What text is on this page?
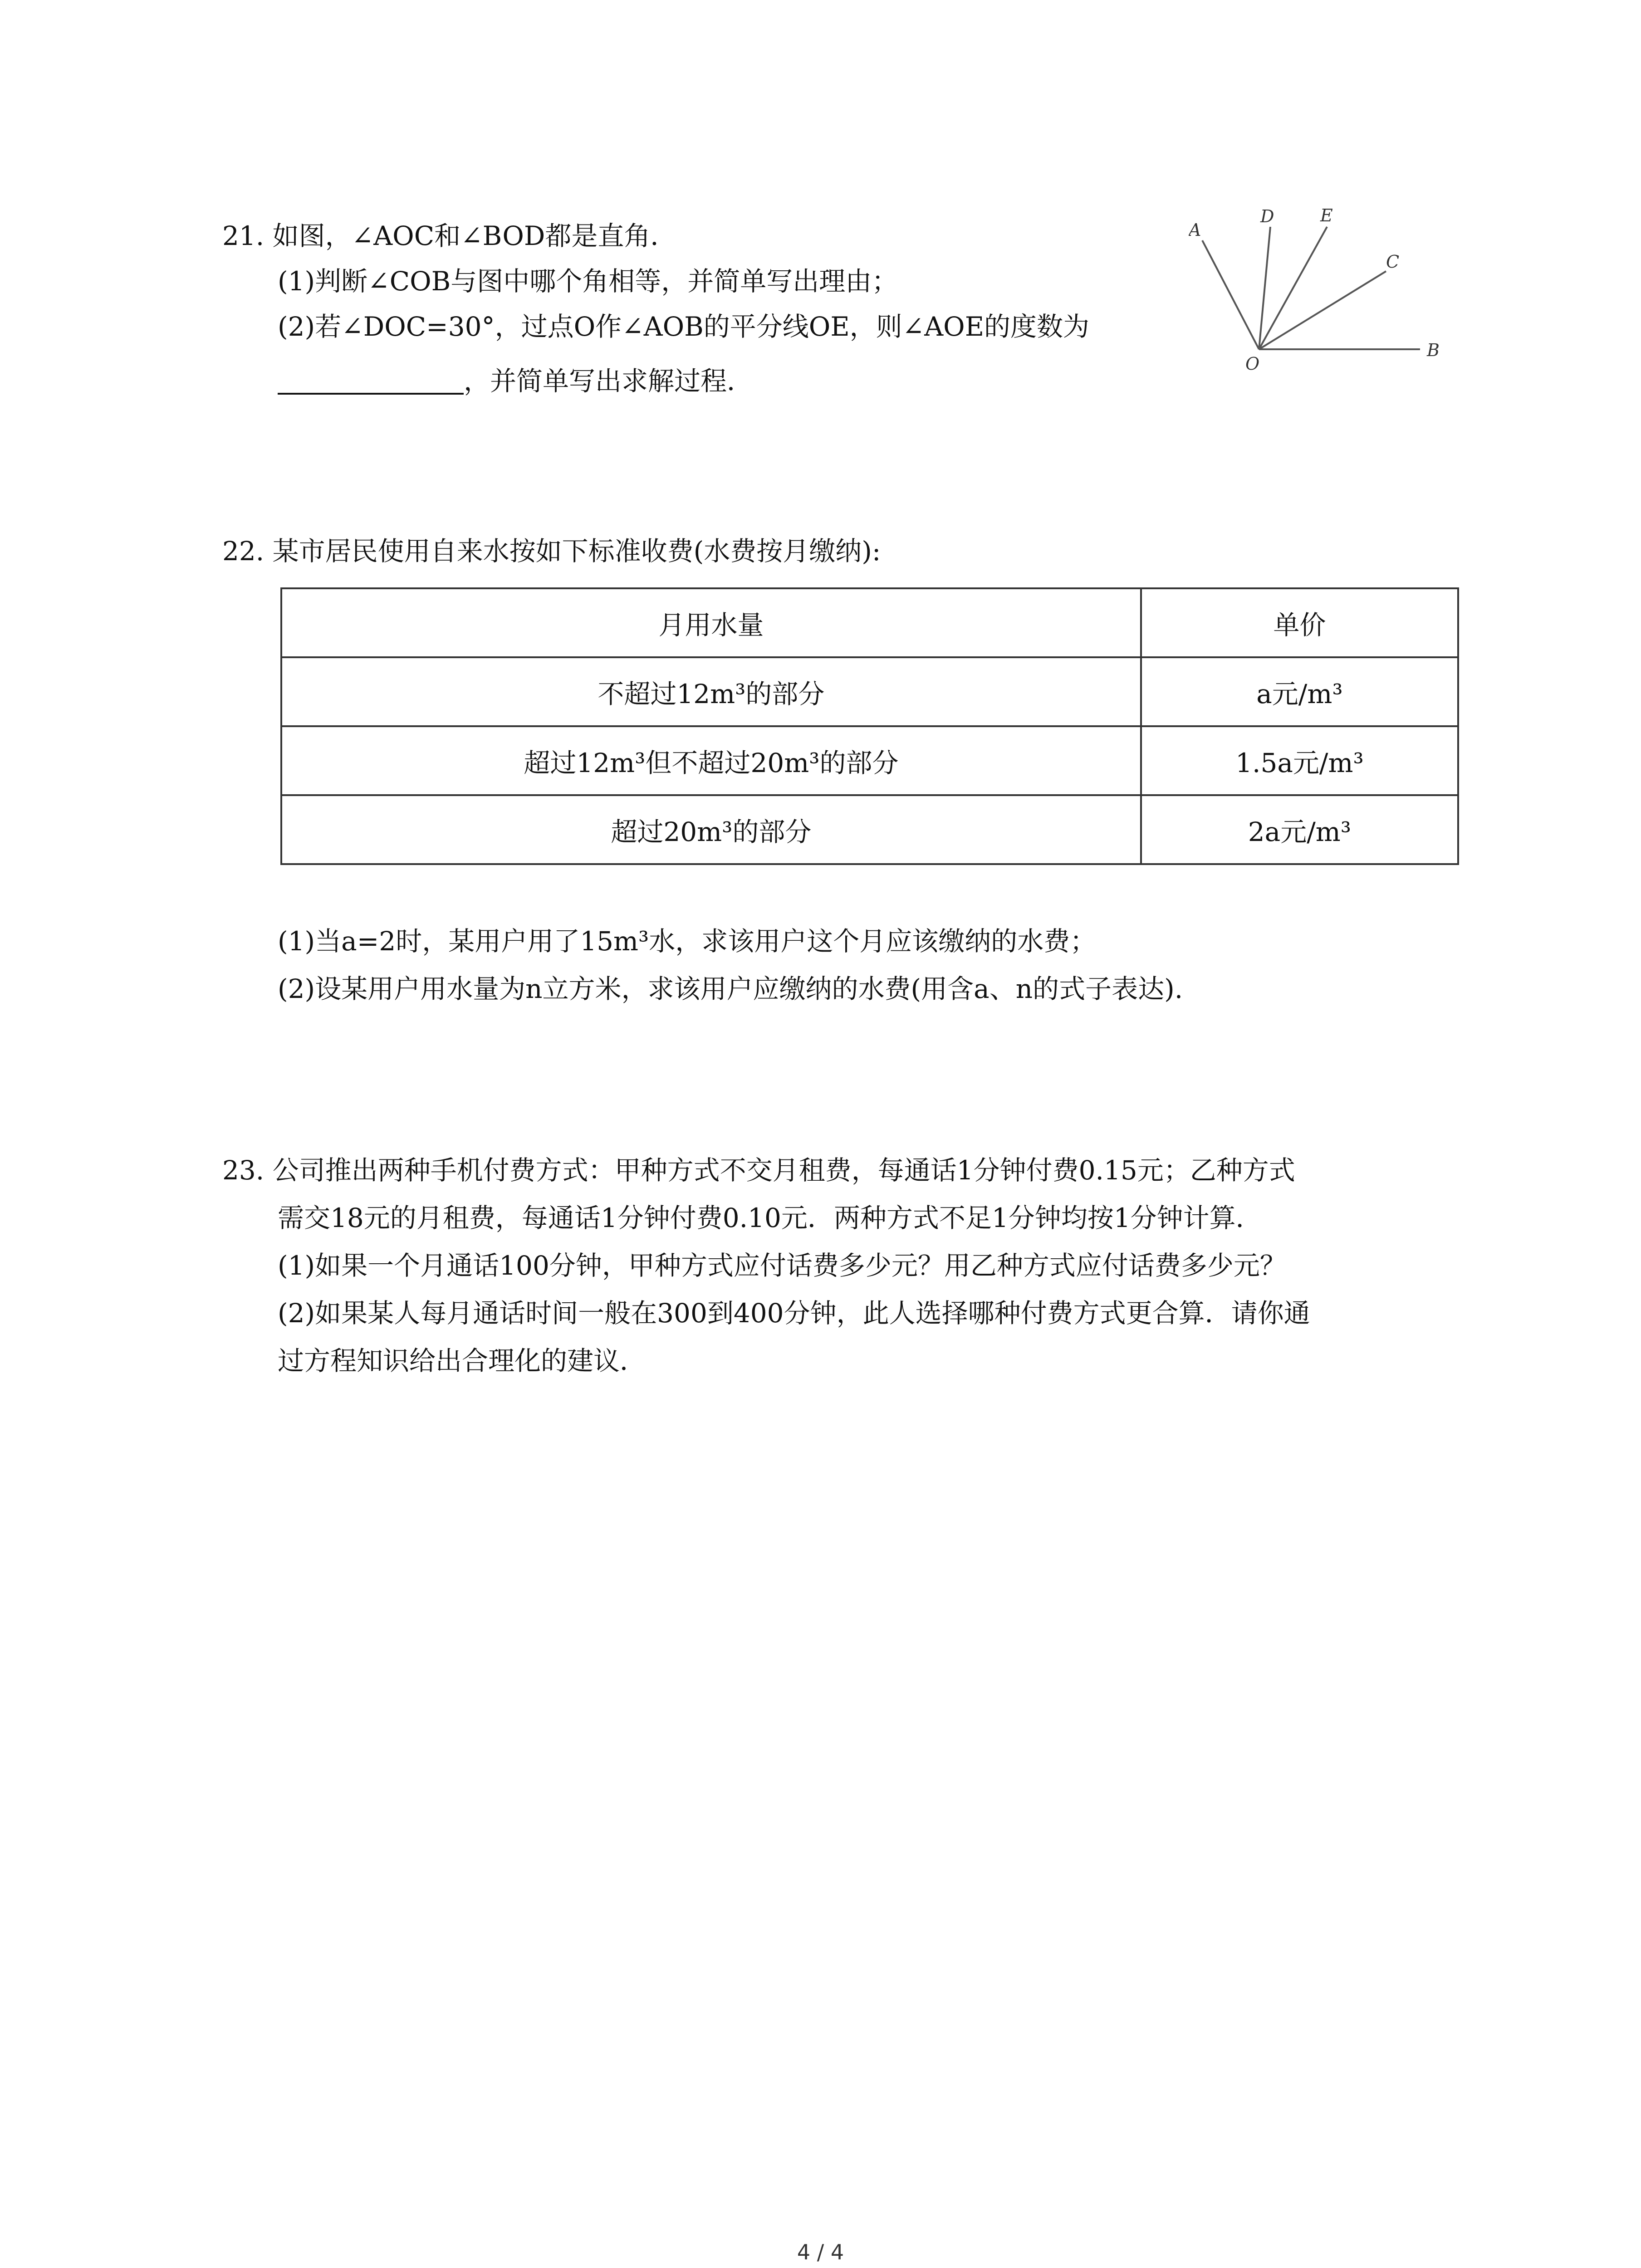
21. 如图，∠AOC和∠BOD都是直角．
(1)判断∠COB与图中哪个角相等，并简单写出理由；
(2)若∠DOC=30°，过点O作∠AOB的平分线OE，则∠AOE的度数为
，并简单写出求解过程．
A
D	E
C
O
B
22. 某市居民使用自来水按如下标准收费(水费按月缴纳):
月用水量	单价
不超过12m³的部分	a元/m³
超过12m³但不超过20m³的部分	1.5a元/m³
超过20m³的部分	2a元/m³
(1)当a=2时，某用户用了15m³水，求该用户这个月应该缴纳的水费；
(2)设某用户用水量为n立方米，求该用户应缴纳的水费(用含a、n的式子表达).
23. 公司推出两种手机付费方式：甲种方式不交月租费，每通话1分钟付费0.15元；乙种方式
需交18元的月租费，每通话1分钟付费0.10元．两种方式不足1分钟均按1分钟计算．
(1)如果一个月通话100分钟，甲种方式应付话费多少元？用乙种方式应付话费多少元？
(2)如果某人每月通话时间一般在300到400分钟，此人选择哪种付费方式更合算．请你通
过方程知识给出合理化的建议．
4 / 4
